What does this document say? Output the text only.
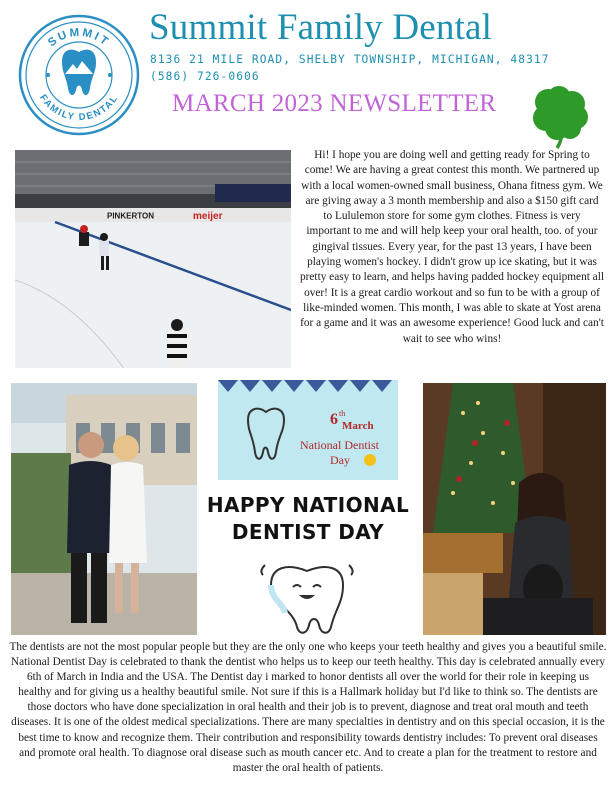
SUMMIT
FAMILY DENTAL
Summit Family Dental
8136 21 MILE ROAD, SHELBY TOWNSHIP, MICHIGAN, 48317
(586) 726-0606
MARCH 2023 NEWSLETTER
PINKERTON	meijer
Hi! I hope you are doing well and getting ready for Spring to come! We are having a great contest this month. We partnered up with a local women-owned small business, Ohana fitness gym. We are giving away a 3 month membership and also a $150 gift card to Lululemon store for some gym clothes. Fitness is very important to me and will help keep your oral health, too. of your gingival tissues. Every year, for the past 13 years, I have been playing women's hockey. I didn't grow up ice skating, but it was pretty easy to learn, and helps having padded hockey equipment all over! It is a great cardio workout and so fun to be with a group of like-minded women. This month, I was able to skate at Yost arena for a game and it was an awesome experience! Good luck and can't wait to see who wins!
6 th
March
National Dentist
Day
HAPPY NATIONAL DENTIST DAY
The dentists are not the most popular people but they are the only one who keeps your teeth healthy and gives you a beautiful smile. National Dentist Day is celebrated to thank the dentist who helps us to keep our teeth healthy. This day is celebrated annually every 6th of March in India and the USA. The Dentist day i marked to honor dentists all over the world for their role in keeping us healthy and for giving us a healthy beautiful smile. Not sure if this is a Hallmark holiday but I'd like to think so. The dentists are those doctors who have done specialization in oral health and their job is to prevent, diagnose and treat oral mouth and teeth diseases. It is one of the oldest medical specializations. There are many specialties in dentistry and on this special occasion, it is the best time to know and recognize them. Their contribution and responsibility towards dentistry includes: To prevent oral diseases and promote oral health. To diagnose oral disease such as mouth cancer etc. And to create a plan for the treatment to restore and master the oral health of patients.
